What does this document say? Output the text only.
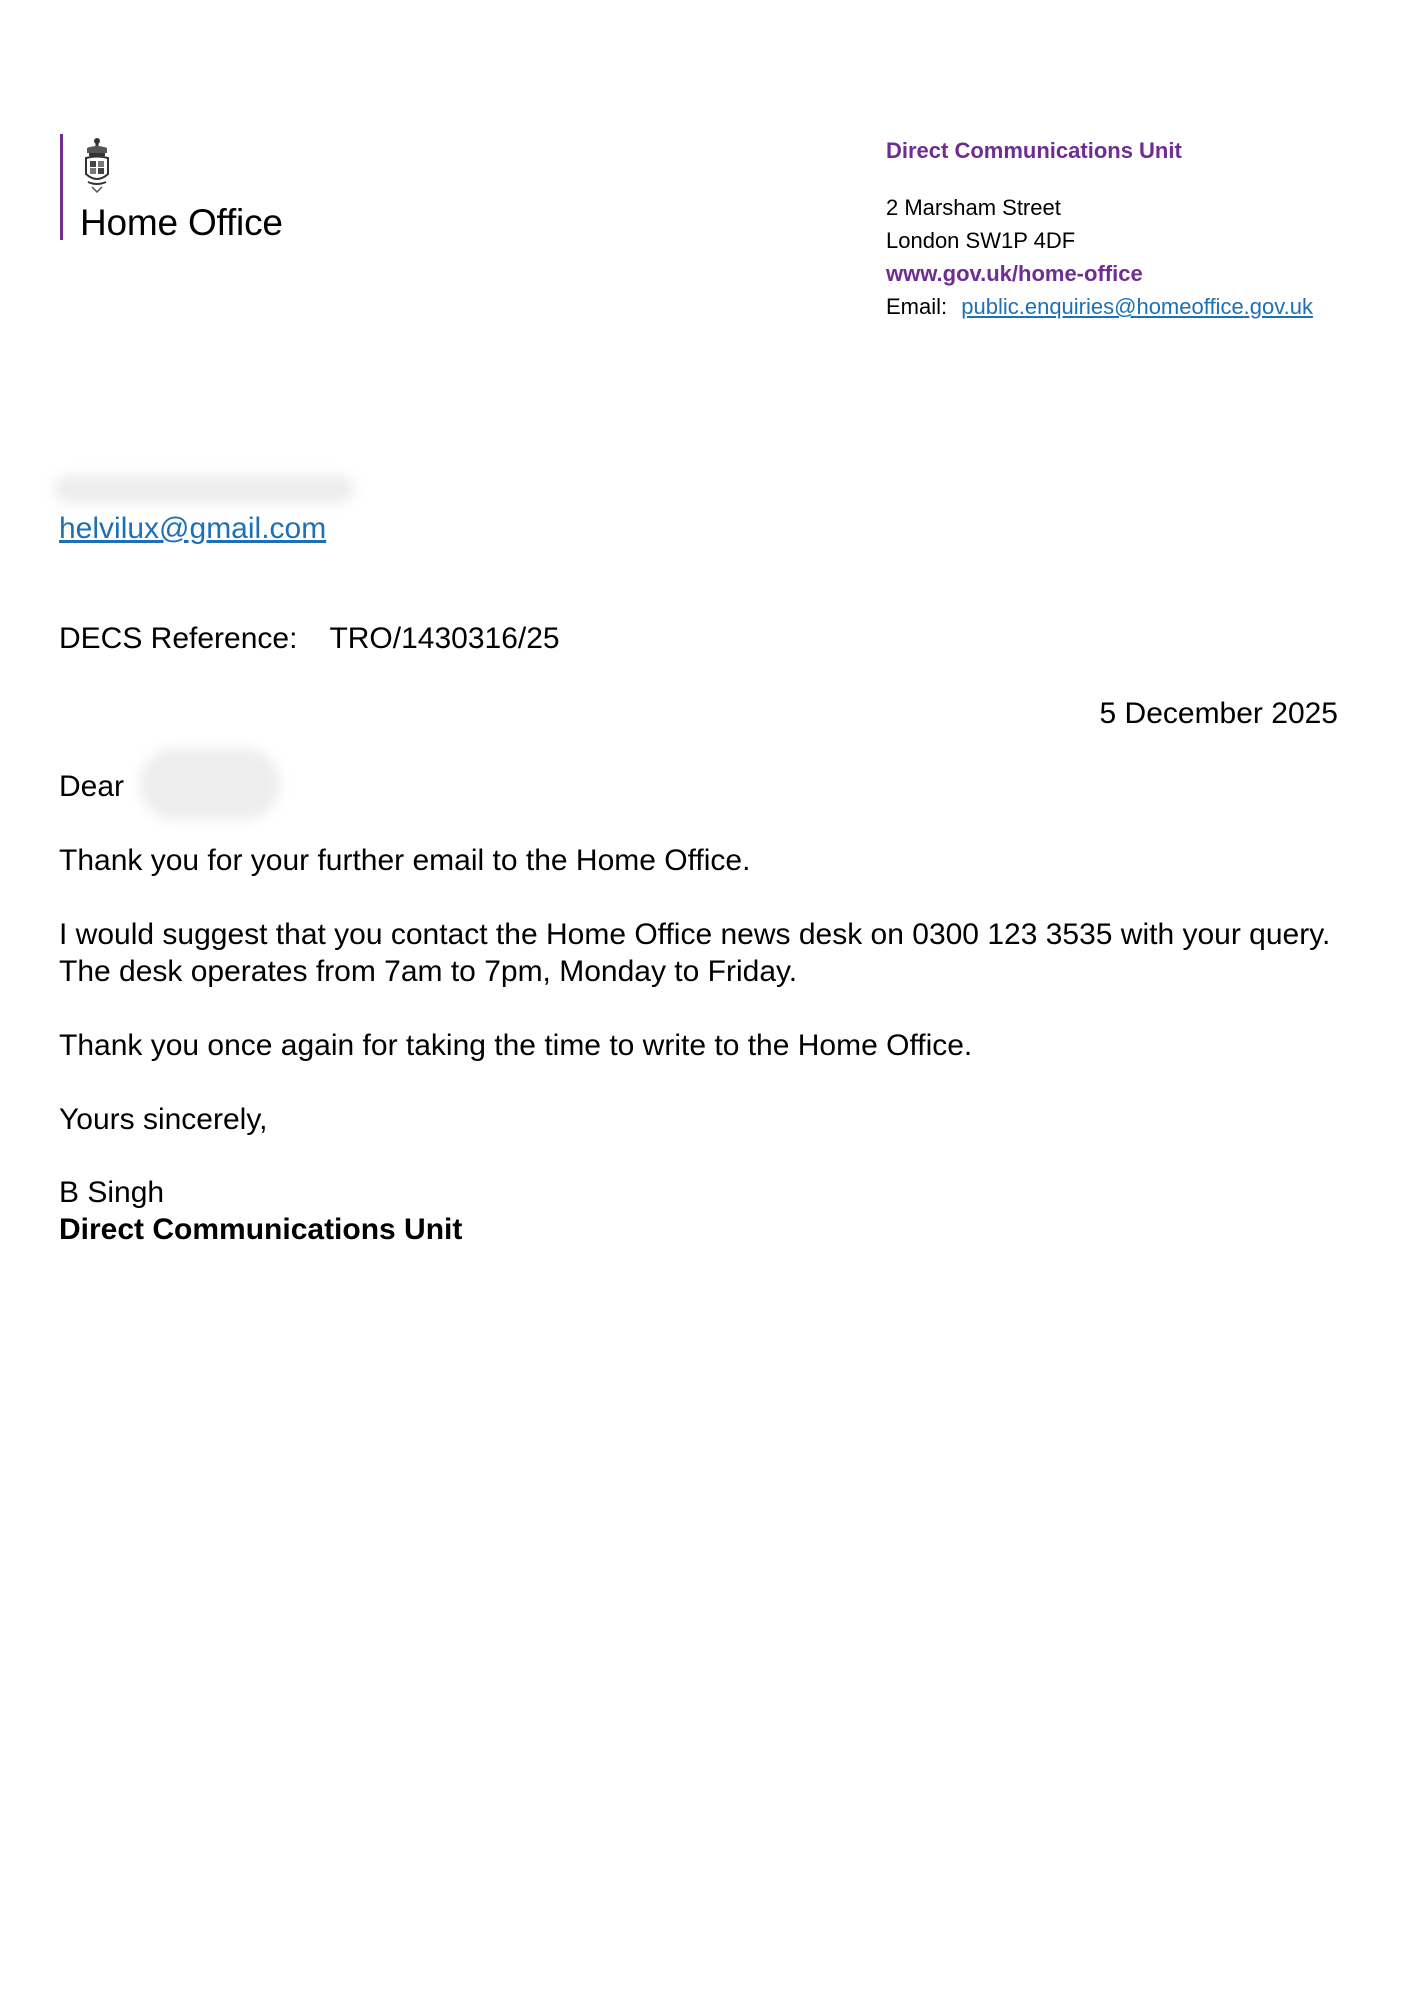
Home Office
Direct Communications Unit
2 Marsham Street
London SW1P 4DF
www.gov.uk/home-office
Email: public.enquiries@homeoffice.gov.uk
helvilux@gmail.com
DECS Reference: TRO/1430316/25
5 December 2025
Dear
Thank you for your further email to the Home Office.
I would suggest that you contact the Home Office news desk on 0300 123 3535 with your query. The desk operates from 7am to 7pm, Monday to Friday.
Thank you once again for taking the time to write to the Home Office.
Yours sincerely,
B Singh
Direct Communications Unit
